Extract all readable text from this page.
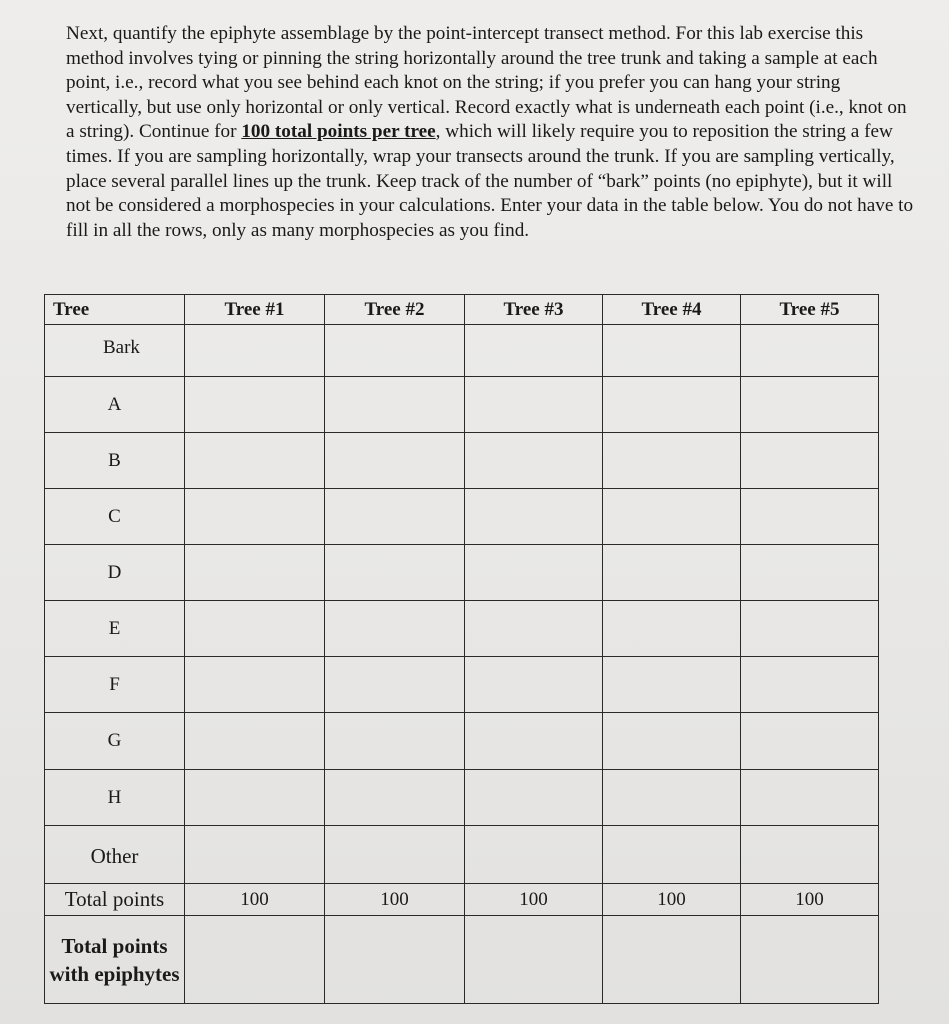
Next, quantify the epiphyte assemblage by the point-intercept transect method. For this lab exercise this method involves tying or pinning the string horizontally around the tree trunk and taking a sample at each point, i.e., record what you see behind each knot on the string; if you prefer you can hang your string vertically, but use only horizontal or only vertical. Record exactly what is underneath each point (i.e., knot on a string). Continue for 100 total points per tree, which will likely require you to reposition the string a few times. If you are sampling horizontally, wrap your transects around the trunk. If you are sampling vertically, place several parallel lines up the trunk. Keep track of the number of “bark” points (no epiphyte), but it will not be considered a morphospecies in your calculations. Enter your data in the table below. You do not have to fill in all the rows, only as many morphospecies as you find.
Tree	Tree #1	Tree #2	Tree #3	Tree #4	Tree #5
Bark					
A					
B					
C					
D					
E					
F					
G					
H					
Other					
Total points	100	100	100	100	100
Total points with epiphytes					
